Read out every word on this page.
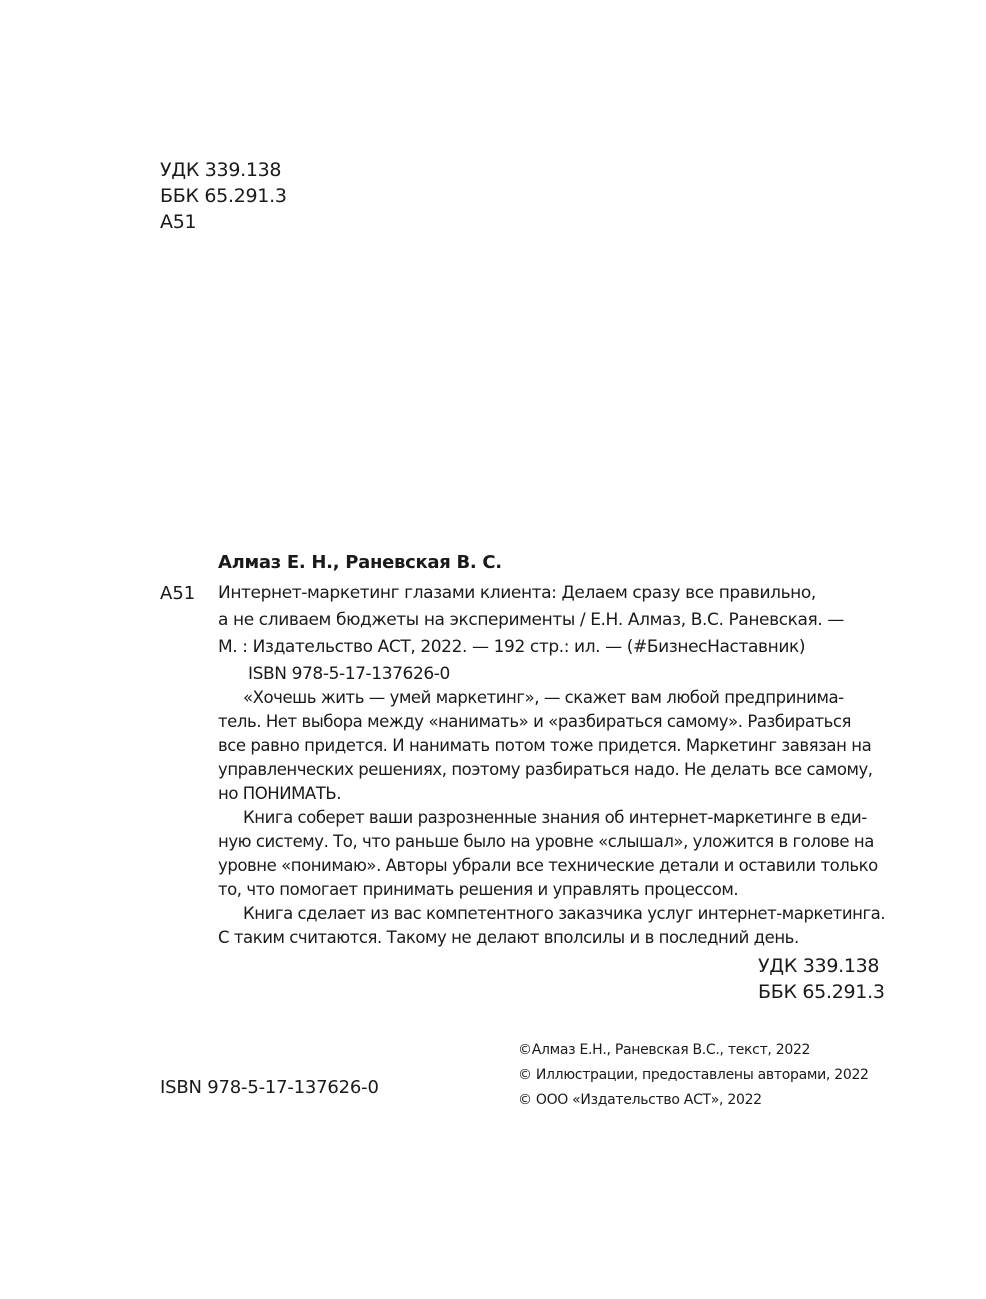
УДК 339.138
ББК 65.291.3
А51
Алмаз Е. Н., Раневская В. С.
А51 Интернет-маркетинг глазами клиента: Делаем сразу все правильно,
а не сливаем бюджеты на эксперименты / Е.Н. Алмаз, В.С. Раневская. —
М. : Издательство АСТ, 2022. — 192 стр.: ил. — (#БизнесНаставник)
ISBN 978-5-17-137626-0
«Хочешь жить — умей маркетинг», — скажет вам любой предпринима-
тель. Нет выбора между «нанимать» и «разбираться самому». Разбираться
все равно придется. И нанимать потом тоже придется. Маркетинг завязан на
управленческих решениях, поэтому разбираться надо. Не делать все самому,
но ПОНИМАТЬ.
Книга соберет ваши разрозненные знания об интернет-маркетинге в еди-
ную систему. То, что раньше было на уровне «слышал», уложится в голове на
уровне «понимаю». Авторы убрали все технические детали и оставили только
то, что помогает принимать решения и управлять процессом.
Книга сделает из вас компетентного заказчика услуг интернет-маркетинга.
С таким считаются. Такому не делают вполсилы и в последний день.
УДК 339.138
ББК 65.291.3
©Алмаз Е.Н., Раневская В.С., текст, 2022
© Иллюстрации, предоставлены авторами, 2022
© ООО «Издательство АСТ», 2022
ISBN 978-5-17-137626-0
